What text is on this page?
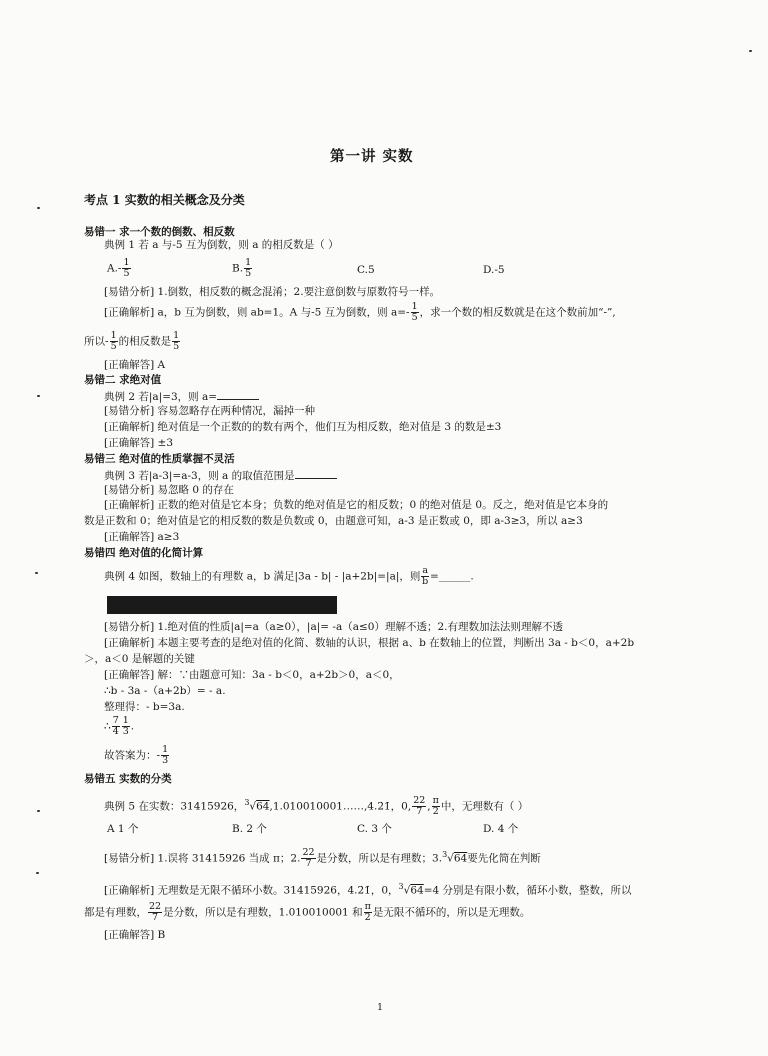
第一讲 实数
考点 1 实数的相关概念及分类
易错一 求一个数的倒数、相反数
典例 1 若 a 与-5 互为倒数，则 a 的相反数是（ ）
$A.- \frac{1}{5}$	B. $\frac{1}{5}$	C.5	D.-5
[易错分析] 1.倒数，相反数的概念混淆；2.要注意倒数与原数符号一样。
[正确解析] a，b 互为倒数，则 ab=1。A 与-5 互为倒数，则 $a=- \frac{1}{5}$ ，求一个数的相反数就是在这个数前加“-”,
所以- $\frac{1}{5}$ 的相反数是 $\frac{1}{5}$
[正确解答] A
易错二 求绝对值
典例 2 若|a|=3，则 a=
[易错分析] 容易忽略存在两种情况，漏掉一种
[正确解析] 绝对值是一个正数的的数有两个，他们互为相反数，绝对值是 3 的数是±3
[正确解答] ±3
易错三 绝对值的性质掌握不灵活
典例 3 若|a-3|=a-3，则 a 的取值范围是
[易错分析] 易忽略 0 的存在
[正确解析] 正数的绝对值是它本身；负数的绝对值是它的相反数；0 的绝对值是 0。反之，绝对值是它本身的
数是正数和 0；绝对值是它的相反数的数是负数或 0，由题意可知，a-3 是正数或 0，即 a-3≥3，所以 a≥3
[正确解答] a≥3
易错四 绝对值的化简计算
典例 4 如图，数轴上的有理数 a，b 满足|3a - b| - |a+2b|=|a|，则 $\frac{a}{b}$ =______.
[易错分析] 1.绝对值的性质|a|=a（a≥0），|a|= -a（a≤0）理解不透；2.有理数加法法则理解不透
[正确解析] 本题主要考查的是绝对值的化简、数轴的认识，根据 a、b 在数轴上的位置，判断出 3a - b＜0，a+2b
＞，a＜0 是解题的关键
[正确解答] 解：∵由题意可知：3a - b＜0，a+2b＞0，a＜0，
∴b - 3a -（a+2b）= - a.
整理得：- b=3a.
∴ $\frac{7}{4} \frac{1}{3}$ .
故答案为：- $\frac{1}{3}$
易错五 实数的分类
典例 5 在实数：31415926，$^3$√64,1.010010001……,4.2̇1̇，0, $\frac{22}{7}$ , $\frac{\pi}{2}$ 中，无理数有（ ）
A 1 个	B. 2 个	C. 3 个	D. 4 个
[易错分析] 1.误将 31415926 当成 π；2. $\frac{22}{7}$ 是分数，所以是有理数；3.$^3$√64要先化简在判断
[正确解析] 无理数是无限不循环小数。31415926，4.2̇1̇，0，$^3$√64=4 分别是有限小数，循环小数，整数，所以
都是有理数， $\frac{22}{7}$ 是分数，所以是有理数，1.010010001 和 $\frac{\pi}{2}$ 是无限不循环的，所以是无理数。
[正确解答] B
1
